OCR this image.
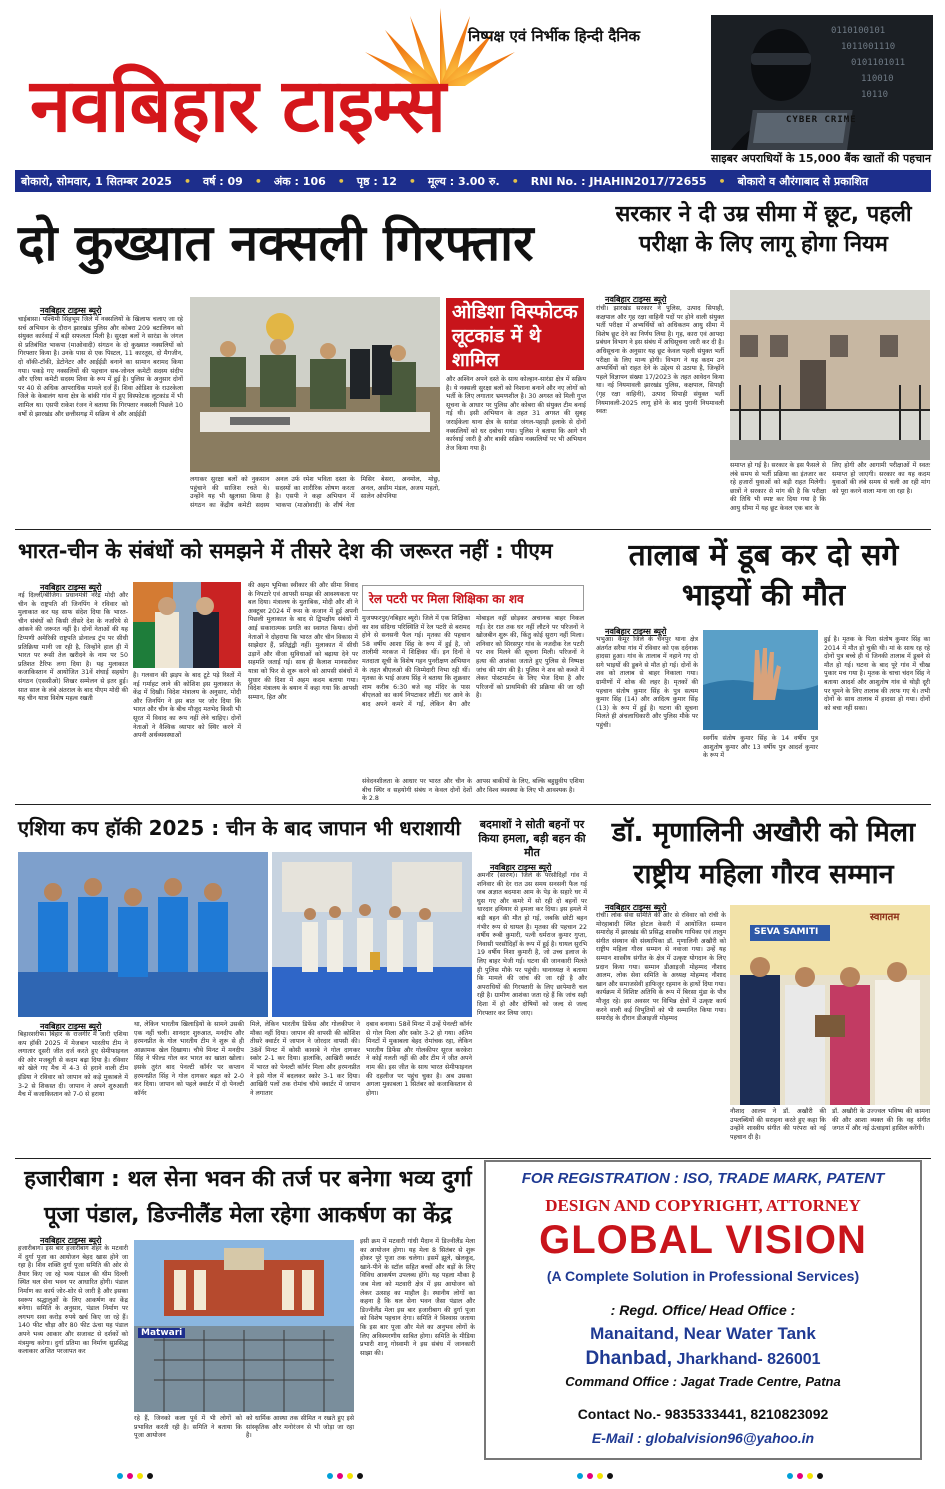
नवबिहार टाइम्स
निष्पक्ष एवं निर्भीक हिन्दी दैनिक	0110100101
1011001110
0101101011
110010
10110
CYBER CRIME
साइबर अपराधियों के 15,000 बैंक खातों की पहचान
बोकारो, सोमवार, 1 सितम्बर 2025	•	वर्ष : 09	•	अंक : 106	•	पृष्ठ : 12	•	मूल्य : 3.00 रु.	•	RNI No. : JHAHIN2017/72655	•	बोकारो व औरंगाबाद से प्रकाशित
दो कुख्यात नक्सली गिरफ्तार
नवबिहार टाइम्स ब्यूरो
चाईबासा। पश्चिमी सिंहभूम जिले में नक्सलियों के खिलाफ चलाए जा रहे सर्च अभियान के दौरान झारखंड पुलिस और कोबरा 209 बटालियन को संयुक्त कार्रवाई में बड़ी सफलता मिली है। सुरक्षा बलों ने सारंडा के जंगल से प्रतिबंधित भाकपा (माओवादी) संगठन के दो कुख्यात नक्सलियों को गिरफ्तार किया है। उनके पास से एक पिस्टल, 11 कारतूस, दो मैगजीन, दो वॉकी-टॉकी, डेटोनेटर और आईईडी बनाने का सामान बरामद किया गया। पकड़े गए नक्सलियों की पहचान सब-जोनल कमेटी सदस्य संदीप और एरिया कमेटी सदस्य शिवा के रूप में हुई है। पुलिस के अनुसार दोनों पर 40 से अधिक आपराधिक मामले दर्ज हैं। शिवा ओडिशा के राउरकेला जिले के केबालंग थाना क्षेत्र के बांकी गांव में हुए विस्फोटक लूटकांड में भी शामिल था। एसपी राकेश रंजन ने बताया कि गिरफ्तार नक्सली पिछले 10 वर्षों से झारखंड और छत्तीसगढ़ में सक्रिय थे और आईईडी
लगाकर सुरक्षा बलों को नुकसान पहुंचाने की साजिश रचते थे। उन्होंने यह भी खुलासा किया है संगठन का केंद्रीय कमेटी सदस्य अनल उर्फ रमेश भविता दस्ता के सदस्यों का शारीरिक शोषण करता है। एसपी ने कहा अभियान में भाकपा (माओवादी) के शीर्ष नेता मिसिर बेसरा, अनमोल, मोछु, अनल, असीम मंडल, अजय महतो, सालेन ओपनिया
ओडिशा विस्फोटक लूटकांड में थे शामिल
और अश्विन अपने दस्ते के साथ कोल्हान-सारंडा क्षेत्र में सक्रिय है। ये नक्सली सुरक्षा बलों को निशाना बनाने और नए लोगों को भर्ती के लिए लगातार भ्रमणशील है। 30 अगस्त को मिली गुप्त सूचना के आधार पर पुलिस और कोबरा की संयुक्त टीम बनाई गई थी। इसी अभियान के तहत 31 अगस्त की सुबह जराईकेला थाना क्षेत्र के सारंडा जंगल-पहाड़ी इलाके से दोनों नक्सलियों को धर दबोचा गया। पुलिस ने बताया कि आगे भी कार्रवाई जारी है और बाकी सक्रिय नक्सलियों पर भी अभियान तेज किया गया है।
सरकार ने दी उम्र सीमा में छूट, पहली परीक्षा के लिए लागू होगा नियम
नवबिहार टाइम्स ब्यूरो
रांची। झारखंड सरकार ने पुलिस, उत्पाद सिपाही, कक्षपाल और गृह रक्षा वाहिनी पदों पर होने वाली संयुक्त भर्ती परीक्षा में अभ्यर्थियों को अधिकतम आयु सीमा में विशेष छूट देने का निर्णय लिया है। गृह, कारा एवं आपदा प्रबंधन विभाग ने इस संबंध में अधिसूचना जारी कर दी है। अधिसूचना के अनुसार यह छूट केवल पहली संयुक्त भर्ती परीक्षा के लिए मान्य होगी। विभाग ने यह कदम उन अभ्यर्थियों को राहत देने के उद्देश्य से उठाया है, जिन्होंने पहले विज्ञापन संख्या 17/2023 के तहत आवेदन किया था। नई नियमावली झारखंड पुलिस, कक्षपाल, सिपाही (गृह रक्षा वाहिनी), उत्पाद सिपाही संयुक्त भर्ती नियमावली-2025 लागू होने के बाद पुरानी नियमावली स्वतः
समाप्त हो गई है। सरकार के इस फैसले से लंबे समय से भर्ती प्रक्रिया का इंतजार कर रहे हजारों युवाओं को बड़ी राहत मिलेगी। छात्रों ने सरकार से मांग की है कि परीक्षा की तिथि भी स्पष्ट कर दिया गया है कि आयु सीमा में यह छूट केवल एक बार के
लिए होगी और आगामी परीक्षाओं में स्वतः समाप्त हो जाएगी। सरकार का यह कदम युवाओं की लंबे समय से चली आ रही मांग को पूरा करने वाला माना जा रहा है।
भारत-चीन के संबंधों को समझने में तीसरे देश की जरूरत नहीं : पीएम
नवबिहार टाइम्स ब्यूरो
नई दिल्ली/बीजिंग। प्रधानमंत्री नरेंद्र मोदी और चीन के राष्ट्रपति शी जिनपिंग ने रविवार को मुलाकात कर यह साफ संदेश दिया कि भारत-चीन संबंधों को किसी तीसरे देश के नजरिये से आंकने की जरूरत नहीं है। दोनों नेताओं की यह टिप्पणी अमेरिकी राष्ट्रपति डोनाल्ड ट्रंप पर सीधी प्रतिक्रिया मानी जा रही है, जिन्होंने हाल ही में भारत पर रूसी तेल खरीदने के नाम पर 50 प्रतिशत टैरिफ लगा दिया है। यह मुलाकात कजाकिस्तान में आयोजित 31वें शंघाई सहयोग संगठन (एससीओ) शिखर सम्मेलन से इतर हुई। सात साल के लंबे अंतराल के बाद पीएम मोदी की यह चीन यात्रा विशेष महत्व रखती
है। गलवान की झड़प के बाद टूटे पड़े रिश्तों में नई गर्माहट लाने की कोशिश इस मुलाकात के केंद्र में दिखी। विदेश मंत्रालय के अनुसार, मोदी और जिनपिंग ने इस बात पर जोर दिया कि भारत और चीन के बीच मौजूद मतभेद किसी भी सूरत में विवाद का रूप नहीं लेने चाहिए। दोनों नेताओं ने वैश्विक व्यापार को स्थिर करने में अपनी अर्थव्यवस्थाओं
की अहम भूमिका स्वीकार की और सीमा विवाद के निपटारे एवं आपसी समझ की आवश्यकता पर बल दिया। मंत्रालय के मुताबिक, मोदी और शी ने अक्टूबर 2024 में रूस के कजान में हुई अपनी पिछली मुलाकात के बाद से द्विपक्षीय संबंधों में आई सकारात्मक प्रगति का स्वागत किया। दोनों नेताओं ने दोहराया कि भारत और चीन विकास में साझेदार हैं, प्रतिद्वंद्वी नहीं। मुलाकात में सीधी उड़ानें और वीजा सुविधाओं को बढ़ाया देने पर सहमति जताई गई। साथ ही कैलाश मानसरोवर यात्रा को फिर से शुरू करने को आपसी संबंधों में सुधार की दिशा में अहम कदम बताया गया। विदेश मंत्रालय के बयान में कहा गया कि आपसी सम्मान, हित और
रेल पटरी पर मिला शिक्षिका का शव
मुजफ्फरपुर/नबिहार ब्यूरो। जिले में एक शिक्षिका का शव संदिग्ध परिस्थिति में रेल पटरी से बरामद होने से सनसनी फैल गई। मृतका की पहचान 58 वर्षीय आशा सिंह के रूप में हुई है, जो तालीमी मरकज में शिक्षिका थीं। इन दिनों वे मतदाता सूची के विशेष गहन पुनरीक्षण अभियान के तहत बीएलओ की जिम्मेदारी निभा रही थीं। मृतका के भाई अजय सिंह ने बताया कि शुक्रवार शाम करीब 6:30 बजे वह मंदिर के पास बीएलओ का कार्य निपटाकर लौटीं। घर आने के बाद अपने कमरे में गईं, लेकिन बैग और मोबाइल वहीं छोड़कर अचानक बाहर निकल गईं। देर रात तक घर नहीं लौटने पर परिजनों ने खोजबीन शुरू की, किंतु कोई सुराग नहीं मिला। शनिवार को सिरसपुर गांव के नजदीक रेल पटरी पर शव मिलने की सूचना मिली। परिजनों ने हत्या की आशंका जताते हुए पुलिस से निष्पक्ष जांच की मांग की है। पुलिस ने शव को कब्जे में लेकर पोस्टमार्टम के लिए भेज दिया है और परिजनों को प्राथमिकी की प्रक्रिया की जा रही है।
संवेदनशीलता के आधार पर भारत और चीन के बीच स्थिर व सहयोगी संबंध न केवल दोनों देशों के 2.8
आपस बाकीयों के लिए, बल्कि बहुध्रुवीय एशिया और विश्व व्यवस्था के लिए भी आवश्यक है।
तालाब में डूब कर दो सगे भाइयों की मौत
नवबिहार टाइम्स ब्यूरो
भभुआ। कैमूर जिले के चैनपुर थाना क्षेत्र अंतर्गत सरैया गांव में रविवार को एक दर्दनाक हादसा हुआ। गांव के तालाब में नहाने गए दो सगे भाइयों की डूबने से मौत हो गई। दोनों के शव को तालाब से बाहर निकाला गया। ग्रामीणों में शोक की लहर है। मृतकों की पहचान संतोष कुमार सिंह के पुत्र सत्यम कुमार सिंह (14) और आदित्य कुमार सिंह (13) के रूप में हुई है। घटना की सूचना मिलते ही अंचलाधिकारी और पुलिस मौके पर पहुंची।
स्वर्गीय संतोष कुमार सिंह के 14 वर्षीय पुत्र आशुतोष कुमार और 13 वर्षीय पुत्र आदर्श कुमार के रूप में
हुई है। मृतक के पिता संतोष कुमार सिंह का 2014 में मौत हो चुकी थी। मां के साथ रह रहे दोनों पुत्र बच्चे ही थे जिनकी तालाब में डूबने से मौत हो गई। घटना के बाद पूरे गांव में चीख पुकार मच गया है। मृतक के चाचा चंदन सिंह ने बताया आदर्श और आशुतोष गांव से थोड़ी दूरी पर घूमने के लिए तालाब की तरफ गए थे। तभी दोनों के साथ तालाब में हादसा हो गया। दोनों को बचा नहीं सका।
एशिया कप हॉकी 2025 : चीन के बाद जापान भी धराशायी
नवबिहार टाइम्स ब्यूरो
बिहारशरीफ। बिहार के राजगीर में जारी एशिया कप हॉकी 2025 में मेजबान भारतीय टीम ने लगातार दूसरी जीत दर्ज करते हुए सेमीफाइनल की ओर मजबूती से कदम बढ़ा दिया है। रविवार को खेले गए मैच में 4-3 से हराने वाली टीम इंडिया ने रविवार को जापान को कड़े मुकाबले में 3-2 से शिकस्त दी। जापान ने अपने शुरुआती मैच में कजाकिस्तान को 7-0 से हराया
था, लेकिन भारतीय खिलाड़ियों के सामने उसकी एक नहीं चली। शानदार शुरुआत, मनदीप और हरमनप्रीत के गोल भारतीय टीम ने शुरू से ही आक्रामक खेल दिखाया। चौथे मिनट में मनदीप सिंह ने फील्ड गोल कर भारत का खाता खोला। इसके तुरंत बाद पेनल्टी कॉर्नर पर कप्तान हरमनप्रीत सिंह ने गोल दागकर बढ़त को 2-0 कर दिया। जापान को पहले क्वार्टर में दो पेनल्टी कॉर्नर
मिले, लेकिन भारतीय डिफेंस और गोलकीपर ने मौका नहीं दिया। जापान की वापसी की कोशिश तीसरे क्वार्टर में जापान ने जोरदार वापसी की। 38वें मिनट में कोसी कावाबे ने गोल दागकर स्कोर 2-1 कर दिया। हालांकि, आखिरी क्वार्टर में भारत को पेनल्टी कॉर्नर मिला और हरमनप्रीत ने इसे गोल में बदलकर स्कोर 3-1 कर दिया। आखिरी पलों तक रोमांच चौथे क्वार्टर में जापान ने लगातार
दबाव बनाया। 58वें मिनट में उन्हें पेनल्टी कॉर्नर से गोल मिला और स्कोर 3-2 हो गया। अंतिम मिनटों में मुकाबला बेहद रोमांचक रहा, लेकिन भारतीय डिफेंस और गोलकीपर सूरज करकेरा ने कोई गलती नहीं की और टीम ने जीत अपने नाम की। इस जीत के साथ भारत सेमीफाइनल की दहलीज पर पहुंच चुका है। अब उसका अगला मुकाबला 1 सितंबर को कजाकिस्तान से होगा।
बदमाशों ने सोती बहनों पर किया हमला, बड़ी बहन की मौत
नवबिहार टाइम्स ब्यूरो
अमनौर (सारण)। जिले के परसौदिहाँ गांव में शनिवार की देर रात उस समय सनसनी फैल गई जब अज्ञात बदमाश आम के पेड़ के सहारे घर में घुस गए और कमरे में सो रही दो बहनों पर धारदार हथियार से हमला कर दिया। इस हमले में बड़ी बहन की मौत हो गई, जबकि छोटी बहन गंभीर रूप से घायल है। मृतका की पहचान 22 वर्षीय रूबी कुमारी, पत्नी धर्मराज कुमार गुप्ता, निवासी परसौदिहाँ के रूप में हुई है। घायल सुरभि 19 वर्षीय निशा कुमारी है, जो उच्च इलाज के लिए बाहर भेजी गई। घटना की जानकारी मिलते ही पुलिस मौके पर पहुंची। थानाध्यक्ष ने बताया कि मामले की जांच की जा रही है और अपराधियों की गिरफ्तारी के लिए छापेमारी चल रही है। ग्रामीण आशंका जता रहे हैं कि जांच सही दिशा में हो और दोषियों को जल्द से जल्द गिरफ्तार कर लिया जाए।
डॉ. मृणालिनी अखौरी को मिला राष्ट्रीय महिला गौरव सम्मान
नवबिहार टाइम्स ब्यूरो
रांची। लोक सेवा समिति की ओर से रविवार को रांची के मोरहाबादी स्थित होटल केसरी में आयोजित सम्मान समारोह में झारखंड की प्रसिद्ध शास्त्रीय गायिका एवं तालुम संगीत संस्थान की संस्थापिका डॉ. मृणालिनी अखौरी को राष्ट्रीय महिला गौरव सम्मान से नवाजा गया। उन्हें यह सम्मान शास्त्रीय संगीत के क्षेत्र में उत्कृष्ट योगदान के लिए प्रदान किया गया। सम्मान डीआइजी मोहम्मद नौशाद आलम, लोक सेवा समिति के अध्यक्ष मोहम्मद नौशाद खान और समाजसेवी हाफिजुर रहमान के हाथों दिया गया। कार्यक्रम में विशिष्ट अतिथि के रूप में बिरसा मुंडा के पौत्र मौजूद रहे। इस अवसर पर विभिन्न क्षेत्रों में उत्कृष्ट कार्य करने वाली कई विभूतियों को भी सम्मानित किया गया। समारोह के दौरान डीआइजी मोहम्मद
स्वागतम
SEVA SAMITI
नौशाद आलम ने डॉ. अखौरी की उपलब्धियों की सराहना करते हुए कहा कि उन्होंने शास्त्रीय संगीत की परंपरा को नई पहचान दी है।
डॉ. अखौरी के उज्ज्वल भविष्य की कामना की और आशा व्यक्त की कि वह संगीत जगत में और नई ऊंचाइयां हासिल करेंगी।
हजारीबाग : थल सेना भवन की तर्ज पर बनेगा भव्य दुर्गा पूजा पंडाल, डिज्नीलैंड मेला रहेगा आकर्षण का केंद्र
नवबिहार टाइम्स ब्यूरो
हजारीबाग। इस बार हजारीबाग शहर के मटवारी में दुर्गा पूजा का आयोजन बेहद खास होने जा रहा है। शिव शक्ति दुर्गा पूजा समिति की ओर से तैयार किए जा रहे भव्य पंडाल की थीम दिल्ली स्थित थल सेना भवन पर आधारित होगी। पंडाल निर्माण का कार्य जोर-शोर से जारी है और इसका स्वरूप श्रद्धालुओं के लिए आकर्षण का केंद्र बनेगा। समिति के अनुसार, पंडाल निर्माण पर लगभग सवा करोड़ रुपये खर्च किए जा रहे हैं। 140 फीट चौड़ा और 80 फीट ऊंचा यह पंडाल अपने भव्य आकार और सजावट से दर्शकों को मंत्रमुग्ध करेगा। दुर्गा प्रतिमा का निर्माण सुप्रसिद्ध कलाकार अजित परजापत कर
Matwari
रहे हैं, जिनको कला पूर्व में भी लोगों को प्रभावित करती रही है। समिति ने बताया कि पूजा आयोजन
को धार्मिक आस्था तक सीमित न रखते हुए इसे सांस्कृतिक और मनोरंजन से भी जोड़ा जा रहा है।
इसी क्रम में मटवारी गांधी मैदान में डिज्नीलैंड मेला का आयोजन होगा। यह मेला 8 सितंबर से शुरू होकर पूरे पूजा तक चलेगा। इसमें झूले, खेलकूद, खाने-पीने के स्टॉल सहित बच्चों और बड़ों के लिए विविध आकर्षण उपलब्ध होंगे। यह पहला मौका है जब मेला को मटवारी क्षेत्र में इस आयोजन को लेकर उत्साह का माहौल है। स्थानीय लोगों का कहना है कि थल सेना भवन जैसा पंडाल और डिज्नीलैंड मेला इस बार हजारीबाग की दुर्गा पूजा को विशेष पहचान देगा। समिति ने विश्वास जताया कि इस बार पूजा और मेले का अनुभव लोगों के लिए अविस्मरणीय साबित होगा। समिति के मीडिया प्रभारी शानू गोस्वामी ने इस संबंध में जानकारी साझा की।
FOR REGISTRATION : ISO, TRADE MARK, PATENT
DESIGN AND COPYRIGHT, ATTORNEY
GLOBAL VISION
(A Complete Solution in Professional Services)
: Regd. Office/ Head Office :
Manaitand, Near Water Tank
Dhanbad, Jharkhand- 826001
Command Office : Jagat Trade Centre, Patna
Contact No.- 9835333441, 8210823092
E-Mail : globalvision96@yahoo.in
